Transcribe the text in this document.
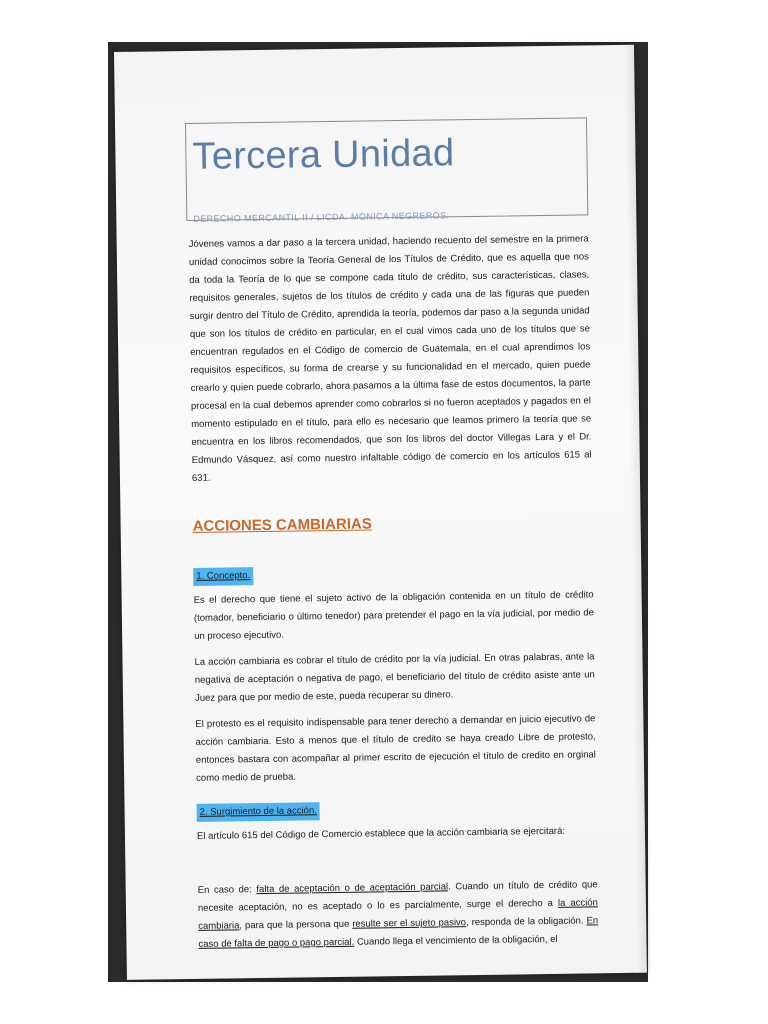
Tercera Unidad
DERECHO MERCANTIL II / LICDA. MONICA NEGREROS.

Jóvenes vamos a dar paso a la tercera unidad, haciendo recuento del semestre en la primera unidad conocimos sobre la Teoría General de los Títulos de Crédito, que es aquella que nos da toda la Teoría de lo que se compone cada titulo de crédito, sus características, clases, requisitos generales, sujetos de los títulos de crédito y cada una de las figuras que pueden surgir dentro del Título de Crédito, aprendida la teoría, podemos dar paso a la segunda unidad que son los títulos de crédito en particular, en el cual vimos cada uno de los títulos que se encuentran regulados en el Código de comercio de Guatemala, en el cual aprendimos los requisitos específicos, su forma de crearse y su funcionalidad en el mercado, quien puede crearlo y quien puede cobrarlo, ahora pasamos a la última fase de estos documentos, la parte procesal en la cual debemos aprender como cobrarlos si no fueron aceptados y pagados en el momento estipulado en el título, para ello es necesario que leamos primero la teoría que se encuentra en los libros recomendados, que son los libros del doctor Villegas Lara y el Dr. Edmundo Vásquez, así como nuestro infaltable código de comercio en los artículos 615 al 631.

ACCIONES CAMBIARIAS
1. Concepto.

Es el derecho que tiene el sujeto activo de la obligación contenida en un título de crédito (tomador, beneficiario o último tenedor) para pretender el pago en la vía judicial, por medio de un proceso ejecutivo.

La acción cambiaria es cobrar el título de crédito por la vía judicial. En otras palabras, ante la negativa de aceptación o negativa de pago, el beneficiario del título de crédito asiste ante un Juez para que por medio de este, pueda recuperar su dinero.

El protesto es el requisito indispensable para tener derecho a demandar en juicio ejecutivo de acción cambiaria. Esto a menos que el título de credito se haya creado Libre de protesto, entonces bastara con acompañar al primer escrito de ejecución el título de credito en orginal como medio de prueba.

2. Surgimiento de la acción.

El artículo 615 del Código de Comercio establece que la acción cambiaria se ejercitará:

En caso de: falta de aceptación o de aceptación parcial. Cuando un título de crédito que necesite aceptación, no es aceptado o lo es parcialmente, surge el derecho a la acción cambiaria, para que la persona que resulte ser el sujeto pasivo, responda de la obligación. En caso de falta de pago o pago parcial. Cuando llega el vencimiento de la obligación, el
